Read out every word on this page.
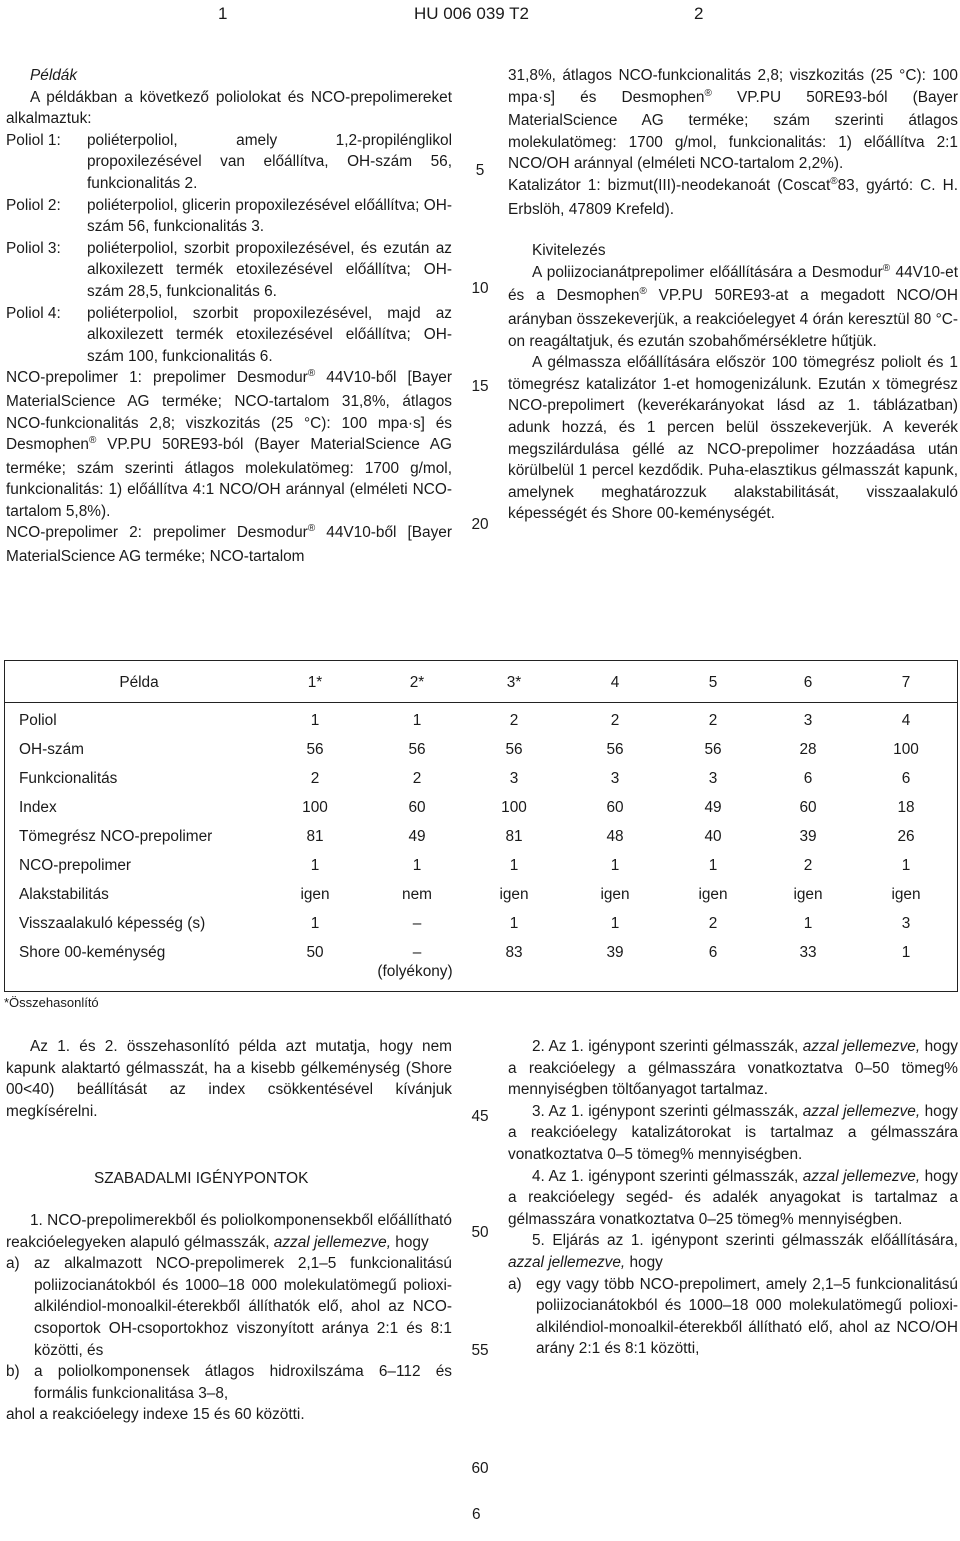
1	HU 006 039 T2	2
5
10
15
20
45
50
55
60

Példák

A példákban a következő poliolokat és NCO-prepolimereket alkalmaztuk:

Poliol 1:	poliéterpoliol, amely 1,2-propilénglikol propoxilezésével van előállítva, OH-szám 56, funkcionalitás 2.
Poliol 2:	poliéterpoliol, glicerin propoxilezésével előállítva; OH-szám 56, funkcionalitás 3.
Poliol 3:	poliéterpoliol, szorbit propoxilezésével, és ezután az alkoxilezett termék etoxilezésével előállítva; OH-szám 28,5, funkcionalitás 6.
Poliol 4:	poliéterpoliol, szorbit propoxilezésével, majd az alkoxilezett termék etoxilezésével előállítva; OH-szám 100, funkcionalitás 6.

NCO-prepolimer 1: prepolimer Desmodur® 44V10-ből [Bayer MaterialScience AG terméke; NCO-tartalom 31,8%, átlagos NCO-funkcionalitás 2,8; viszkozitás (25 °C): 100 mpa·s] és Desmophen® VP.PU 50RE93-ból (Bayer MaterialScience AG terméke; szám szerinti átlagos molekulatömeg: 1700 g/mol, funkcionalitás: 1) előállítva 4:1 NCO/OH aránnyal (elméleti NCO-tartalom 5,8%).

NCO-prepolimer 2: prepolimer Desmodur® 44V10-ből [Bayer MaterialScience AG terméke; NCO-tartalom

31,8%, átlagos NCO-funkcionalitás 2,8; viszkozitás (25 °C): 100 mpa·s] és Desmophen® VP.PU 50RE93-ból (Bayer MaterialScience AG terméke; szám szerinti átlagos molekulatömeg: 1700 g/mol, funkcionalitás: 1) előállítva 2:1 NCO/OH aránnyal (elméleti NCO-tartalom 2,2%).

Katalizátor 1: bizmut(III)-neodekanoát (Coscat®83, gyártó: C. H. Erbslöh, 47809 Krefeld).

Kivitelezés

A poliizocianátprepolimer előállítására a Desmodur® 44V10-et és a Desmophen® VP.PU 50RE93-at a megadott NCO/OH arányban összekeverjük, a reakcióelegyet 4 órán keresztül 80 °C-on reagáltatjuk, és ezután szobahőmérsékletre hűtjük.

A gélmassza előállítására először 100 tömegrész poliolt és 1 tömegrész katalizátor 1-et homogenizálunk. Ezután x tömegrész NCO-prepolimert (keverékarányokat lásd az 1. táblázatban) adunk hozzá, és 1 percen belül összekeverjük. A keverék megszilárdulása géllé az NCO-prepolimer hozzáadása után körülbelül 1 percel kezdődik. Puha-elasztikus gélmasszát kapunk, amelynek meghatározzuk alakstabilitását, visszaalakuló képességét és Shore 00-keménységét.

Példa	1*	2*	3*	4	5	6	7
Poliol	1	1	2	2	2	3	4
OH-szám	56	56	56	56	56	28	100
Funkcionalitás	2	2	3	3	3	6	6
Index	100	60	100	60	49	60	18
Tömegrész NCO-prepolimer	81	49	81	48	40	39	26
NCO-prepolimer	1	1	1	1	1	2	1
Alakstabilitás	igen	nem	igen	igen	igen	igen	igen
Visszaalakuló képesség (s)	1	–	1	1	2	1	3
Shore 00-keménység	50	–	83	39	6	33	1
(folyékony)
*Összehasonlító

Az 1. és 2. összehasonlító példa azt mutatja, hogy nem kapunk alaktartó gélmasszát, ha a kisebb gélkeménység (Shore 00<40) beállítását az index csökkentésével kívánjuk megkísérelni.

SZABADALMI IGÉNYPONTOK

1. NCO-prepolimerekből és poliolkomponensekből előállítható reakcióelegyeken alapuló gélmasszák, azzal jellemezve, hogy

a) az alkalmazott NCO-prepolimerek 2,1–5 funkcionalitású poliizocianátokból és 1000–18 000 molekulatömegű polioxi-alkiléndiol-monoalkil-éterekből állíthatók elő, ahol az NCO-csoportok OH-csoportokhoz viszonyított aránya 2:1 és 8:1 közötti, és
b) a poliolkomponensek átlagos hidroxilszáma 6–112 és formális funkcionalitása 3–8,

ahol a reakcióelegy indexe 15 és 60 közötti.

2. Az 1. igénypont szerinti gélmasszák, azzal jellemezve, hogy a reakcióelegy a gélmasszára vonatkoztatva 0–50 tömeg% mennyiségben töltőanyagot tartalmaz.

3. Az 1. igénypont szerinti gélmasszák, azzal jellemezve, hogy a reakcióelegy katalizátorokat is tartalmaz a gélmasszára vonatkoztatva 0–5 tömeg% mennyiségben.

4. Az 1. igénypont szerinti gélmasszák, azzal jellemezve, hogy a reakcióelegy segéd- és adalék anyagokat is tartalmaz a gélmasszára vonatkoztatva 0–25 tömeg% mennyiségben.

5. Eljárás az 1. igénypont szerinti gélmasszák előállítására, azzal jellemezve, hogy

a) egy vagy több NCO-prepolimert, amely 2,1–5 funkcionalitású poliizocianátokból és 1000–18 000 molekulatömegű polioxi-alkiléndiol-monoalkil-éterekből állítható elő, ahol az NCO/OH arány 2:1 és 8:1 közötti,
6
